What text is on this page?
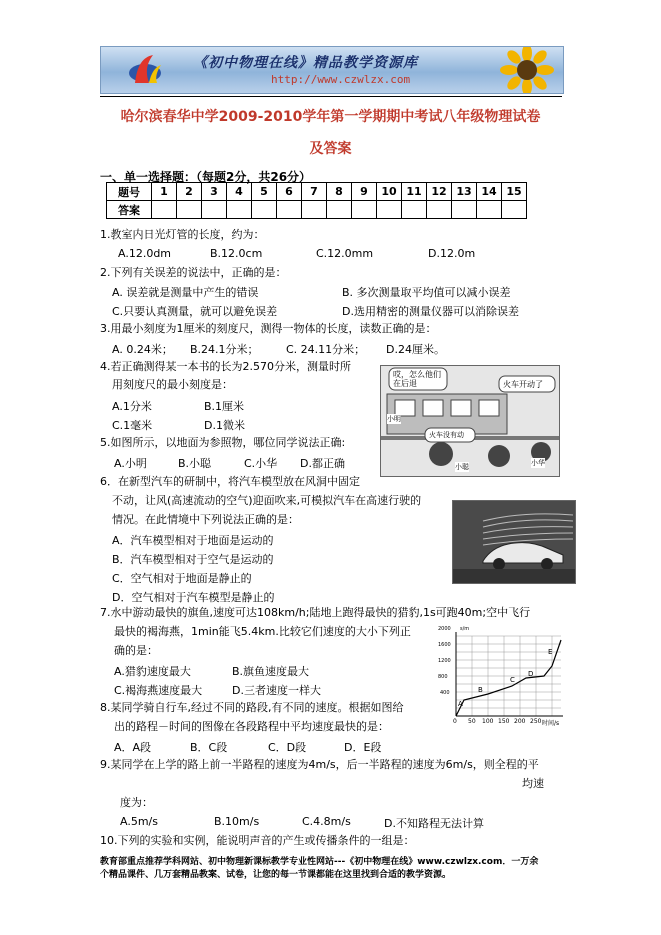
《初中物理在线》精品教学资源库
http://www.czwlzx.com
哈尔滨春华中学2009-2010学年第一学期期中考试八年级物理试卷
及答案
一、单一选择题：（每题2分，共26分）
题号	1	2	3	4	5	6	7	8	9	10	11	12	13	14	15
答案															
1.教室内日光灯管的长度，约为：
A.12.0dm	B.12.0cm	C.12.0mm	D.12.0m
2.下列有关误差的说法中，正确的是：
A. 误差就是测量中产生的错误	B. 多次测量取平均值可以减小误差
C.只要认真测量，就可以避免误差	D.选用精密的测量仪器可以消除误差
3.用最小刻度为1厘米的刻度尺，测得一物体的长度，读数正确的是：
A. 0.24米； B.24.1分米； C. 24.11分米； D.24厘米。
4.若正确测得某一本书的长为2.570分米，测量时所
用刻度尺的最小刻度是：
A.1分米	B.1厘米
C.1毫米	D.1微米
5.如图所示，以地面为参照物，哪位同学说法正确:
A.小明	B.小聪	C.小华 D.都正确
哎，怎么他们在后退	火车开动了
火车没有动
小明
小聪	小华
6．在新型汽车的研制中，将汽车模型放在风洞中固定
不动，让风(高速流动的空气)迎面吹来,可模拟汽车在高速行驶的
情况。在此情境中下列说法正确的是：
A．汽车模型相对于地面是运动的
B．汽车模型相对于空气是运动的
C．空气相对于地面是静止的
D．空气相对于汽车模型是静止的
7.水中游动最快的旗鱼,速度可达108km/h;陆地上跑得最快的猎豹,1s可跑40m;空中飞行
最快的褐海燕，1min能飞5.4km.比较它们速度的大小下列正
确的是：
A.猎豹速度最大	B.旗鱼速度最大
C.褐海燕速度最大	D.三者速度一样大
2000
1600
1200
800
400
s/m
0 50 100 150 200 250 时间/s
A
B
C
D
E
8.某同学骑自行车,经过不同的路段,有不同的速度。根据如图给
出的路程－时间的图像在各段路程中平均速度最快的是：
A．A段	B．C段	C．D段	D．E段
9.某同学在上学的路上前一半路程的速度为4m/s，后一半路程的速度为6m/s，则全程的平
均速
度为：
A.5m/s	B.10m/s	C.4.8m/s	D.不知路程无法计算
10.下列的实验和实例，能说明声音的产生或传播条件的一组是：
教育部重点推荐学科网站、初中物理新课标教学专业性网站---《初中物理在线》www.czwlzx.com．一万余
个精品课件、几万套精品教案、试卷，让您的每一节课都能在这里找到合适的教学资源。
